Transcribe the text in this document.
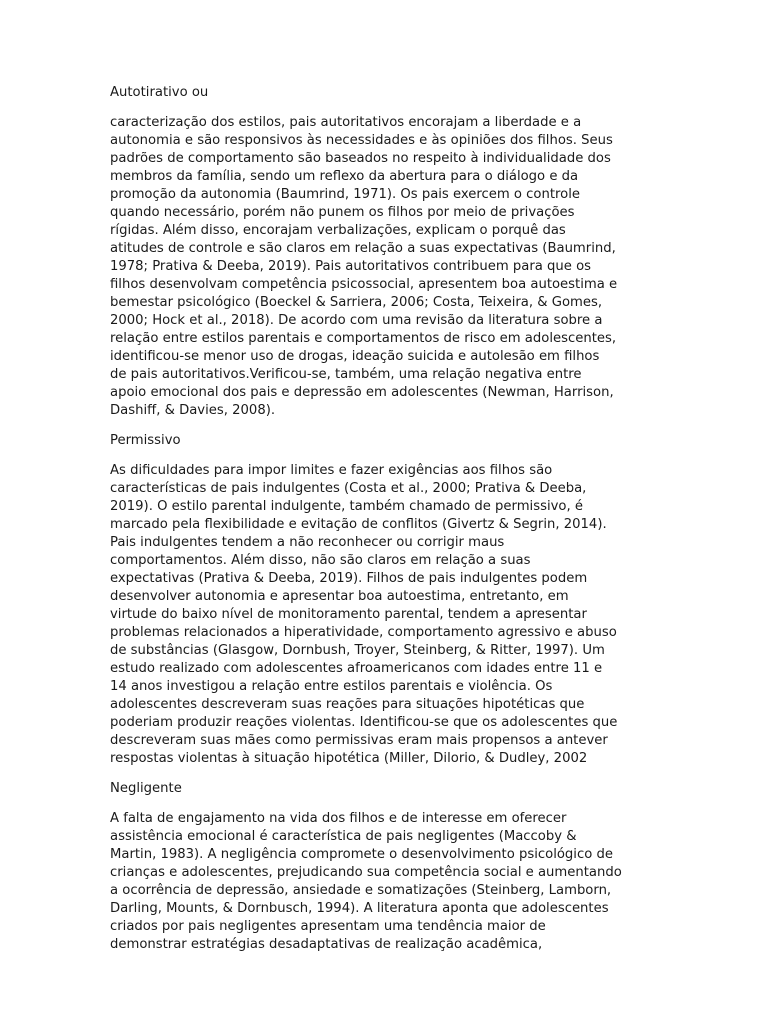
Autotirativo ou
caracterização dos estilos, pais autoritativos encorajam a liberdade e a
autonomia e são responsivos às necessidades e às opiniões dos filhos. Seus
padrões de comportamento são baseados no respeito à individualidade dos
membros da família, sendo um reflexo da abertura para o diálogo e da
promoção da autonomia (Baumrind, 1971). Os pais exercem o controle
quando necessário, porém não punem os filhos por meio de privações
rígidas. Além disso, encorajam verbalizações, explicam o porquê das
atitudes de controle e são claros em relação a suas expectativas (Baumrind,
1978; Prativa & Deeba, 2019). Pais autoritativos contribuem para que os
filhos desenvolvam competência psicossocial, apresentem boa autoestima e
bemestar psicológico (Boeckel & Sarriera, 2006; Costa, Teixeira, & Gomes,
2000; Hock et al., 2018). De acordo com uma revisão da literatura sobre a
relação entre estilos parentais e comportamentos de risco em adolescentes,
identificou-se menor uso de drogas, ideação suicida e autolesão em filhos
de pais autoritativos.Verificou-se, também, uma relação negativa entre
apoio emocional dos pais e depressão em adolescentes (Newman, Harrison,
Dashiff, & Davies, 2008).
Permissivo
As dificuldades para impor limites e fazer exigências aos filhos são
características de pais indulgentes (Costa et al., 2000; Prativa & Deeba,
2019). O estilo parental indulgente, também chamado de permissivo, é
marcado pela flexibilidade e evitação de conflitos (Givertz & Segrin, 2014).
Pais indulgentes tendem a não reconhecer ou corrigir maus
comportamentos. Além disso, não são claros em relação a suas
expectativas (Prativa & Deeba, 2019). Filhos de pais indulgentes podem
desenvolver autonomia e apresentar boa autoestima, entretanto, em
virtude do baixo nível de monitoramento parental, tendem a apresentar
problemas relacionados a hiperatividade, comportamento agressivo e abuso
de substâncias (Glasgow, Dornbush, Troyer, Steinberg, & Ritter, 1997). Um
estudo realizado com adolescentes afroamericanos com idades entre 11 e
14 anos investigou a relação entre estilos parentais e violência. Os
adolescentes descreveram suas reações para situações hipotéticas que
poderiam produzir reações violentas. Identificou-se que os adolescentes que
descreveram suas mães como permissivas eram mais propensos a antever
respostas violentas à situação hipotética (Miller, Dilorio, & Dudley, 2002
Negligente
A falta de engajamento na vida dos filhos e de interesse em oferecer
assistência emocional é característica de pais negligentes (Maccoby &
Martin, 1983). A negligência compromete o desenvolvimento psicológico de
crianças e adolescentes, prejudicando sua competência social e aumentando
a ocorrência de depressão, ansiedade e somatizações (Steinberg, Lamborn,
Darling, Mounts, & Dornbusch, 1994). A literatura aponta que adolescentes
criados por pais negligentes apresentam uma tendência maior de
demonstrar estratégias desadaptativas de realização acadêmica,
